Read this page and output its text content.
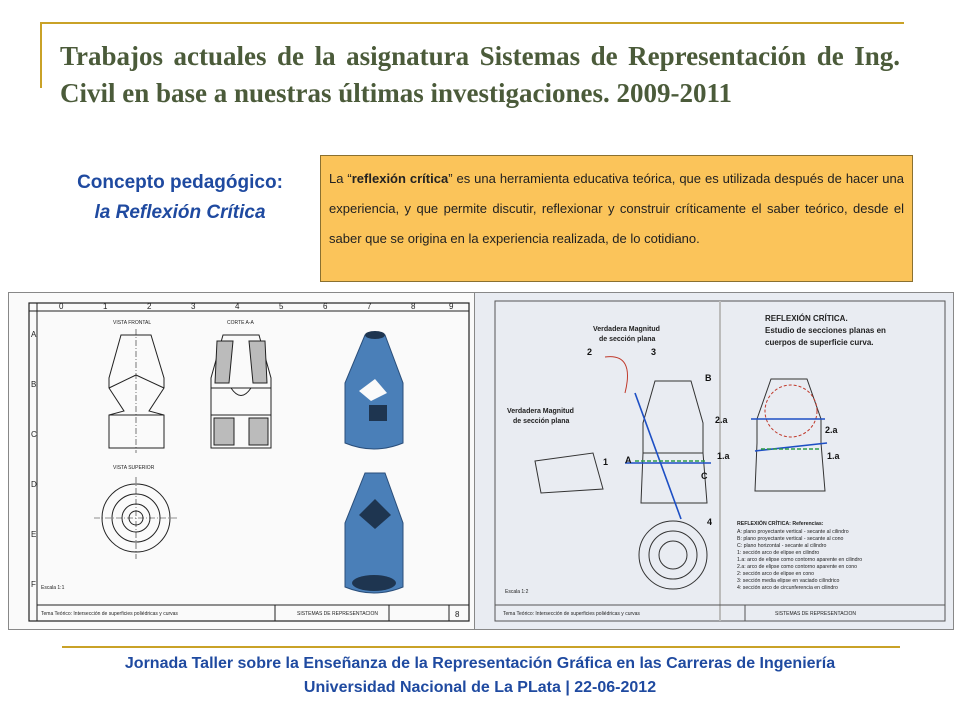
Trabajos actuales de la asignatura Sistemas de Representación de Ing. Civil en base a nuestras últimas investigaciones. 2009-2011
Concepto pedagógico:
la Reflexión Crítica
La “reflexión crítica” es una herramienta educativa teórica, que es utilizada después de hacer una experiencia, y que permite discutir, reflexionar y construir críticamente el saber teórico, desde el saber que se origina en la experiencia realizada, de lo cotidiano.
0	1	2	3	4	5	6	7	8	9
A
B
C
D
E
F
VISTA FRONTAL	CORTE A-A
VISTA SUPERIOR
Escala 1:1
Tema Teórico: Intersección de superficies poliédricas y curvas	SISTEMAS DE REPRESENTACION	8
REFLEXIÓN CRÍTICA.
Estudio de secciones planas en
cuerpos de superficie curva.
Verdadera Magnitud
de sección plana
Verdadera Magnitud
de sección plana
2	3
B
A
C
1
4
2.a
1.a
2.a
1.a
REFLEXIÓN CRÍTICA: Referencias:
A: plano proyectante vertical - secante al cilindro
B: plano proyectante vertical - secante al cono
C: plano horizontal - secante al cilindro
1: sección arco de elipse en cilindro
1.a: arco de elipse como contorno aparente en cilindro
2.a: arco de elipse como contorno aparente en cono
2: sección arco de elipse en cono
3: sección media elipse en vaciado cilíndrico
4: sección arco de circunferencia en cilindro
Escala 1:2
Tema Teórico: Intersección de superficies poliédricas y curvas	SISTEMAS DE REPRESENTACION
Jornada Taller sobre la Enseñanza de la Representación Gráfica en las Carreras de Ingeniería
Universidad Nacional de La PLata | 22-06-2012
